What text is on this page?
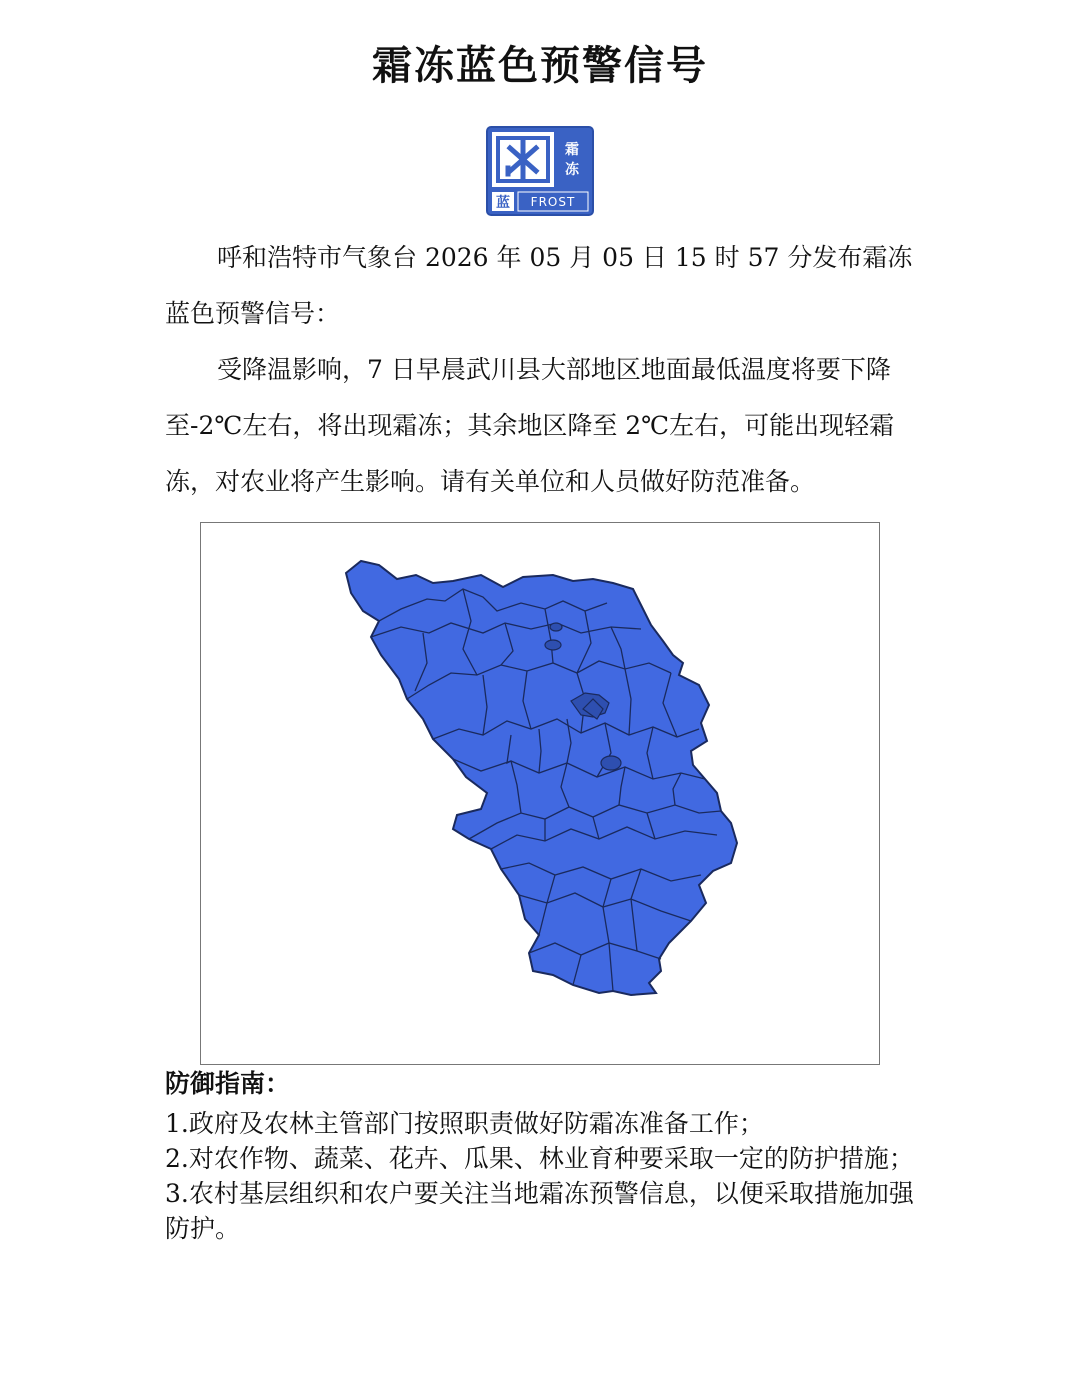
霜冻蓝色预警信号
霜
冻
蓝 FROST

呼和浩特市气象台 2026 年 05 月 05 日 15 时 57 分发布霜冻蓝色预警信号：

受降温影响，7 日早晨武川县大部地区地面最低温度将要下降至-2℃左右，将出现霜冻；其余地区降至 2℃左右，可能出现轻霜冻，对农业将产生影响。请有关单位和人员做好防范准备。

防御指南：
1.政府及农林主管部门按照职责做好防霜冻准备工作；
2.对农作物、蔬菜、花卉、瓜果、林业育种要采取一定的防护措施；
3.农村基层组织和农户要关注当地霜冻预警信息，以便采取措施加强防护。
